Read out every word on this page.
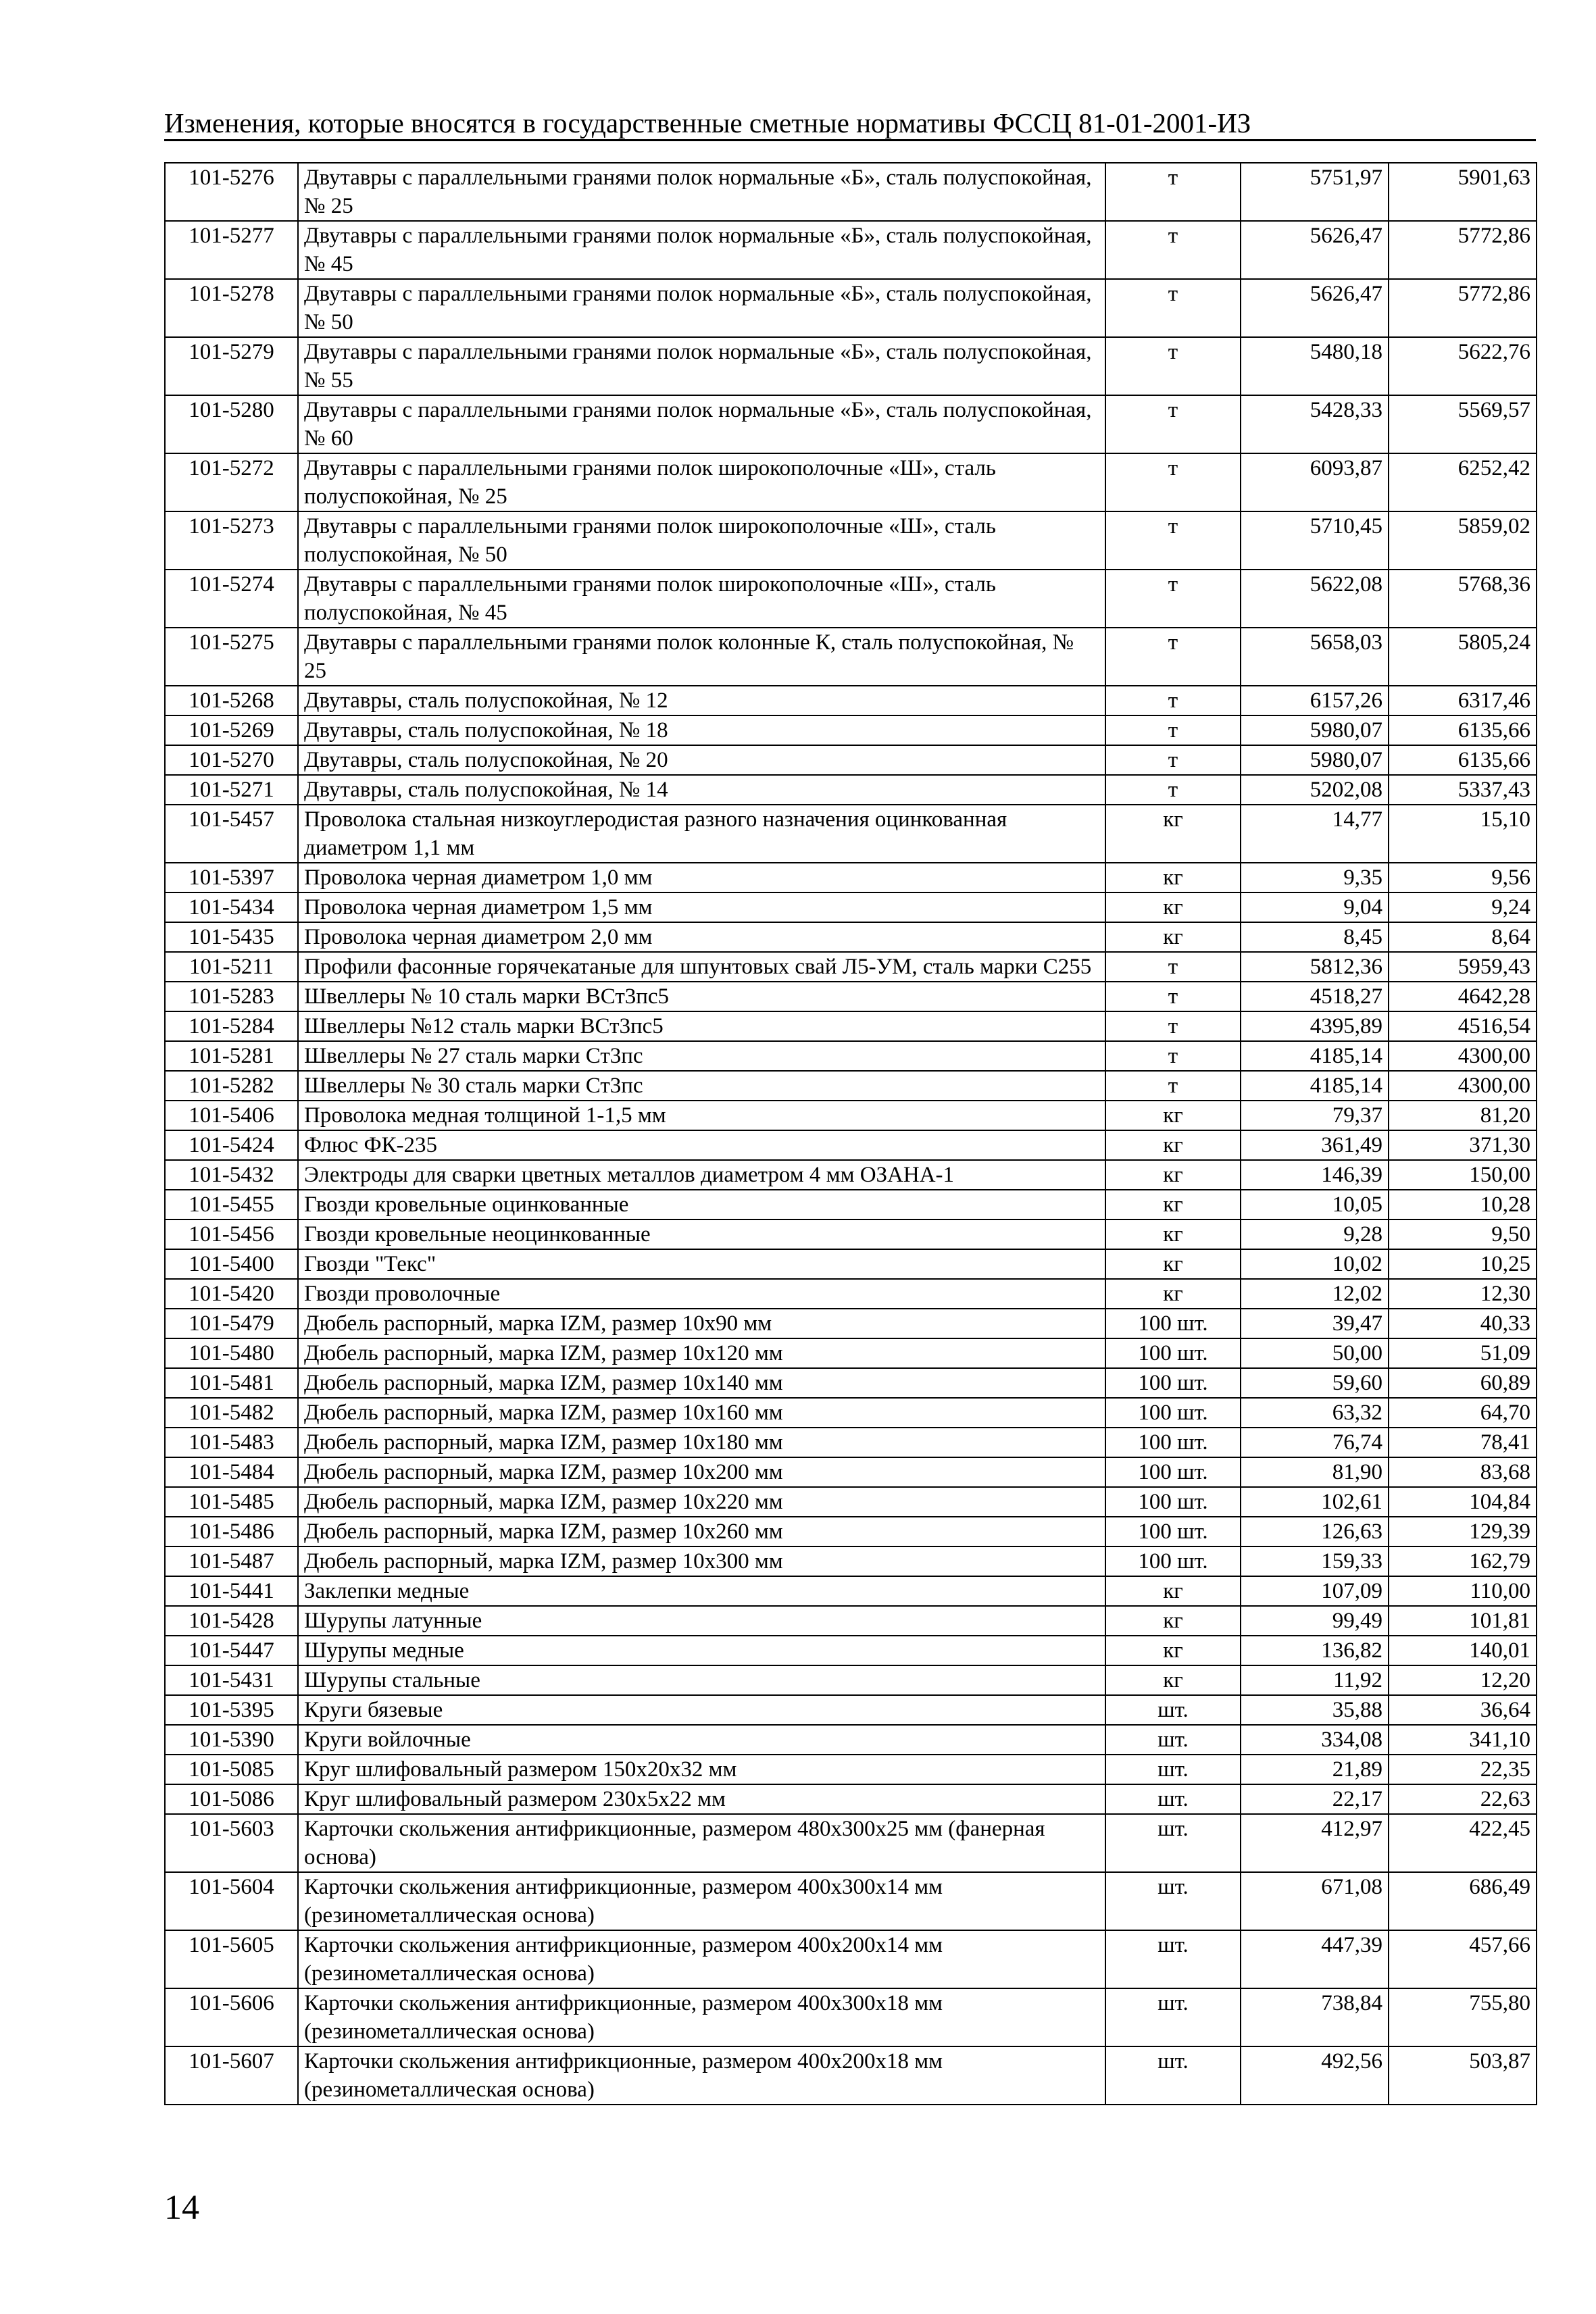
Изменения, которые вносятся в государственные сметные нормативы ФССЦ 81-01-2001-ИЗ
101-5276	Двутавры с параллельными гранями полок нормальные «Б», сталь полуспокойная, № 25	т	5751,97	5901,63
101-5277	Двутавры с параллельными гранями полок нормальные «Б», сталь полуспокойная, № 45	т	5626,47	5772,86
101-5278	Двутавры с параллельными гранями полок нормальные «Б», сталь полуспокойная, № 50	т	5626,47	5772,86
101-5279	Двутавры с параллельными гранями полок нормальные «Б», сталь полуспокойная, № 55	т	5480,18	5622,76
101-5280	Двутавры с параллельными гранями полок нормальные «Б», сталь полуспокойная, № 60	т	5428,33	5569,57
101-5272	Двутавры с параллельными гранями полок широкополочные «Ш», сталь полуспокойная, № 25	т	6093,87	6252,42
101-5273	Двутавры с параллельными гранями полок широкополочные «Ш», сталь полуспокойная, № 50	т	5710,45	5859,02
101-5274	Двутавры с параллельными гранями полок широкополочные «Ш», сталь полуспокойная, № 45	т	5622,08	5768,36
101-5275	Двутавры с параллельными гранями полок колонные К, сталь полуспокойная, № 25	т	5658,03	5805,24
101-5268	Двутавры, сталь полуспокойная, № 12	т	6157,26	6317,46
101-5269	Двутавры, сталь полуспокойная, № 18	т	5980,07	6135,66
101-5270	Двутавры, сталь полуспокойная, № 20	т	5980,07	6135,66
101-5271	Двутавры, сталь полуспокойная, № 14	т	5202,08	5337,43
101-5457	Проволока стальная низкоуглеродистая разного назначения оцинкованная диаметром 1,1 мм	кг	14,77	15,10
101-5397	Проволока черная диаметром 1,0 мм	кг	9,35	9,56
101-5434	Проволока черная диаметром 1,5 мм	кг	9,04	9,24
101-5435	Проволока черная диаметром 2,0 мм	кг	8,45	8,64
101-5211	Профили фасонные горячекатаные для шпунтовых свай Л5-УМ, сталь марки С255	т	5812,36	5959,43
101-5283	Швеллеры № 10 сталь марки ВСт3пс5	т	4518,27	4642,28
101-5284	Швеллеры №12 сталь марки ВСт3пс5	т	4395,89	4516,54
101-5281	Швеллеры № 27 сталь марки Ст3пс	т	4185,14	4300,00
101-5282	Швеллеры № 30 сталь марки Ст3пс	т	4185,14	4300,00
101-5406	Проволока медная толщиной 1-1,5 мм	кг	79,37	81,20
101-5424	Флюс ФК-235	кг	361,49	371,30
101-5432	Электроды для сварки цветных металлов диаметром 4 мм ОЗАНА-1	кг	146,39	150,00
101-5455	Гвозди кровельные оцинкованные	кг	10,05	10,28
101-5456	Гвозди кровельные неоцинкованные	кг	9,28	9,50
101-5400	Гвозди "Текс"	кг	10,02	10,25
101-5420	Гвозди проволочные	кг	12,02	12,30
101-5479	Дюбель распорный, марка IZM, размер 10x90 мм	100 шт.	39,47	40,33
101-5480	Дюбель распорный, марка IZM, размер 10x120 мм	100 шт.	50,00	51,09
101-5481	Дюбель распорный, марка IZM, размер 10x140 мм	100 шт.	59,60	60,89
101-5482	Дюбель распорный, марка IZM, размер 10x160 мм	100 шт.	63,32	64,70
101-5483	Дюбель распорный, марка IZM, размер 10x180 мм	100 шт.	76,74	78,41
101-5484	Дюбель распорный, марка IZM, размер 10x200 мм	100 шт.	81,90	83,68
101-5485	Дюбель распорный, марка IZM, размер 10x220 мм	100 шт.	102,61	104,84
101-5486	Дюбель распорный, марка IZM, размер 10x260 мм	100 шт.	126,63	129,39
101-5487	Дюбель распорный, марка IZM, размер 10x300 мм	100 шт.	159,33	162,79
101-5441	Заклепки медные	кг	107,09	110,00
101-5428	Шурупы латунные	кг	99,49	101,81
101-5447	Шурупы медные	кг	136,82	140,01
101-5431	Шурупы стальные	кг	11,92	12,20
101-5395	Круги бязевые	шт.	35,88	36,64
101-5390	Круги войлочные	шт.	334,08	341,10
101-5085	Круг шлифовальный размером 150x20x32 мм	шт.	21,89	22,35
101-5086	Круг шлифовальный размером 230x5x22 мм	шт.	22,17	22,63
101-5603	Карточки скольжения антифрикционные, размером 480x300x25 мм (фанерная основа)	шт.	412,97	422,45
101-5604	Карточки скольжения антифрикционные, размером 400x300x14 мм (резинометаллическая основа)	шт.	671,08	686,49
101-5605	Карточки скольжения антифрикционные, размером 400x200x14 мм (резинометаллическая основа)	шт.	447,39	457,66
101-5606	Карточки скольжения антифрикционные, размером 400x300x18 мм (резинометаллическая основа)	шт.	738,84	755,80
101-5607	Карточки скольжения антифрикционные, размером 400x200x18 мм (резинометаллическая основа)	шт.	492,56	503,87
14
